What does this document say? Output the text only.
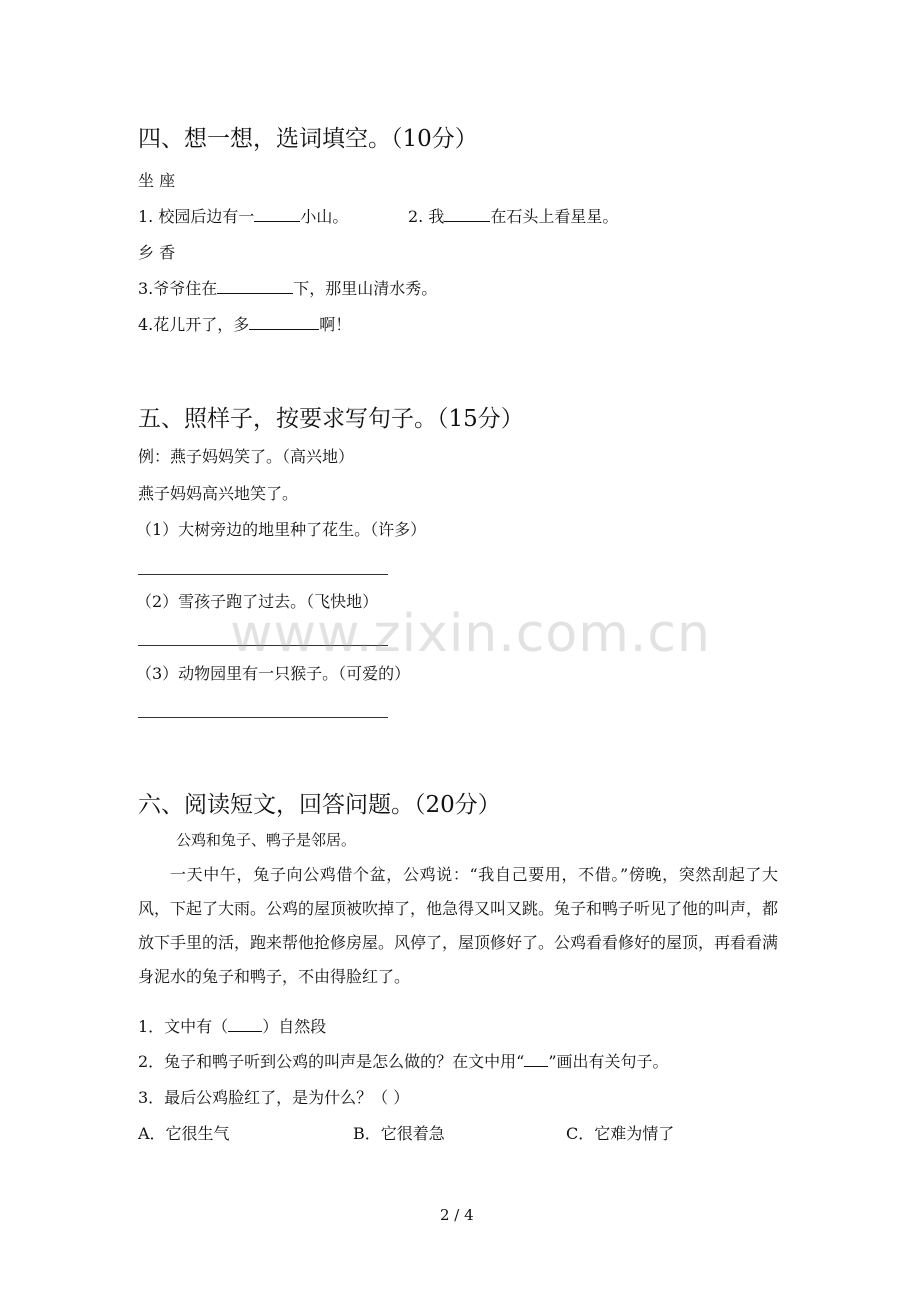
四、想一想，选词填空。（10分）
坐 座
1. 校园后边有一	小山。	2. 我	在石头上看星星。
乡 香
3.爷爷住在	下，那里山清水秀。
4.花儿开了，多	啊！
五、照样子，按要求写句子。（15分）
例：燕子妈妈笑了。（高兴地）
燕子妈妈高兴地笑了。
（1）大树旁边的地里种了花生。（许多）
（2）雪孩子跑了过去。（飞快地）
（3）动物园里有一只猴子。（可爱的）
www.zixin.com.cn
六、阅读短文，回答问题。（20分）
公鸡和兔子、鸭子是邻居。
一天中午，兔子向公鸡借个盆，公鸡说：“我自己要用，不借。”傍晚，突然刮起了大风，下起了大雨。公鸡的屋顶被吹掉了，他急得又叫又跳。兔子和鸭子听见了他的叫声，都放下手里的活，跑来帮他抢修房屋。风停了，屋顶修好了。公鸡看看修好的屋顶，再看看满身泥水的兔子和鸭子，不由得脸红了。
1．文中有（ ）自然段
2．兔子和鸭子听到公鸡的叫声是怎么做的？在文中用“ ”画出有关句子。
3．最后公鸡脸红了，是为什么？（ ）
A．它很生气	B．它很着急	C．它难为情了
2 / 4
